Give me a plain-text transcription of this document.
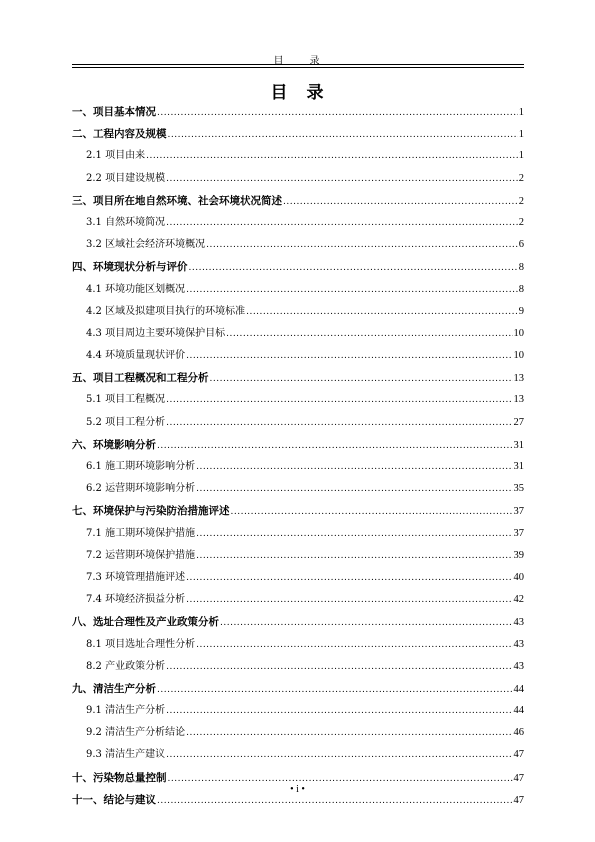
目　　录
目　录
一、项目基本情况 .....	1
二、工程内容及规模 .....	1
2.1 项目由来 .....	1
2.2 项目建设规模 .....	2
三、项目所在地自然环境、社会环境状况简述 .....	2
3.1 自然环境简况 .....	2
3.2 区域社会经济环境概况 .....	6
四、环境现状分析与评价 .....	8
4.1 环境功能区划概况 .....	8
4.2 区域及拟建项目执行的环境标准 .....	9
4.3 项目周边主要环境保护目标 .....	10
4.4 环境质量现状评价 .....	10
五、项目工程概况和工程分析 .....	13
5.1 项目工程概况 .....	13
5.2 项目工程分析 .....	27
六、环境影响分析 .....	31
6.1 施工期环境影响分析 .....	31
6.2 运营期环境影响分析 .....	35
七、环境保护与污染防治措施评述 .....	37
7.1 施工期环境保护措施 .....	37
7.2 运营期环境保护措施 .....	39
7.3 环境管理措施评述 .....	40
7.4 环境经济损益分析 .....	42
八、选址合理性及产业政策分析 .....	43
8.1 项目选址合理性分析 .....	43
8.2 产业政策分析 .....	43
九、清洁生产分析 .....	44
9.1 清洁生产分析 .....	44
9.2 清洁生产分析结论 .....	46
9.3 清洁生产建议 .....	47
十、污染物总量控制 .....	47
十一、结论与建议 .....	47
• i •
